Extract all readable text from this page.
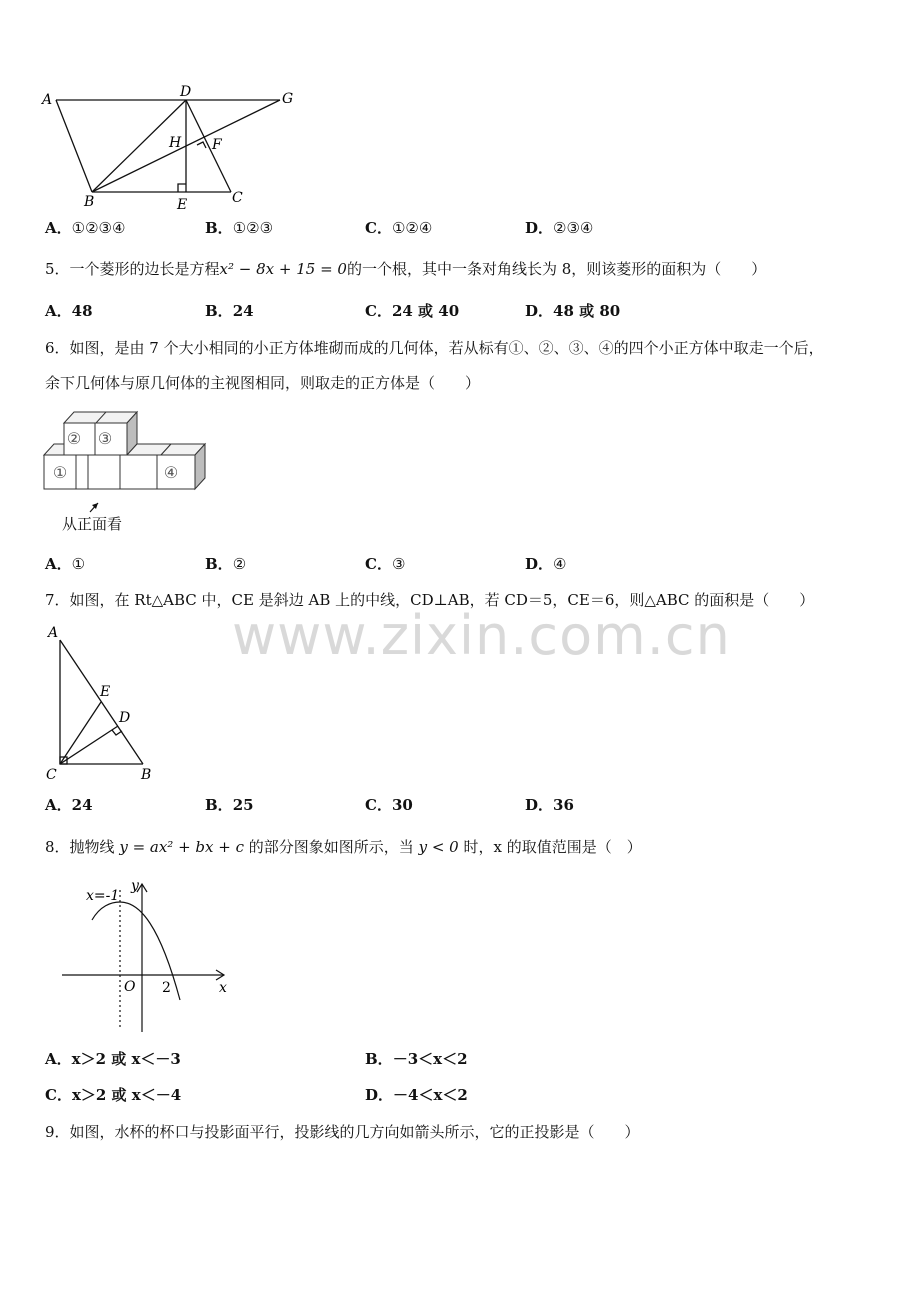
www.zixin.com.cn
A	D	G
H F
B	E	C
A．①②③④	B．①②③	C．①②④	D．②③④
5．一个菱形的边长是方程x² − 8x + 15 = 0的一个根，其中一条对角线长为 8，则该菱形的面积为（　　）
A．48	B．24	C．24 或 40	D．48 或 80
6．如图，是由 7 个大小相同的小正方体堆砌而成的几何体，若从标有①、②、③、④的四个小正方体中取走一个后，
余下几何体与原几何体的主视图相同，则取走的正方体是（　　）
①
② ③
④
从正面看
A．①	B．②	C．③	D．④
7．如图，在 Rt△ABC 中，CE 是斜边 AB 上的中线，CD⊥AB，若 CD＝5，CE＝6，则△ABC 的面积是（　　）
A
E
D
C	B
A．24	B．25	C．30	D．36
8．抛物线 y = ax² + bx + c 的部分图象如图所示，当 y < 0 时，x 的取值范围是（　）
x=-1
y
x
O 2
A．x＞2 或 x＜－3	B．－3＜x＜2
C．x＞2 或 x＜－4	D．－4＜x＜2
9．如图，水杯的杯口与投影面平行，投影线的几方向如箭头所示，它的正投影是（　　）
